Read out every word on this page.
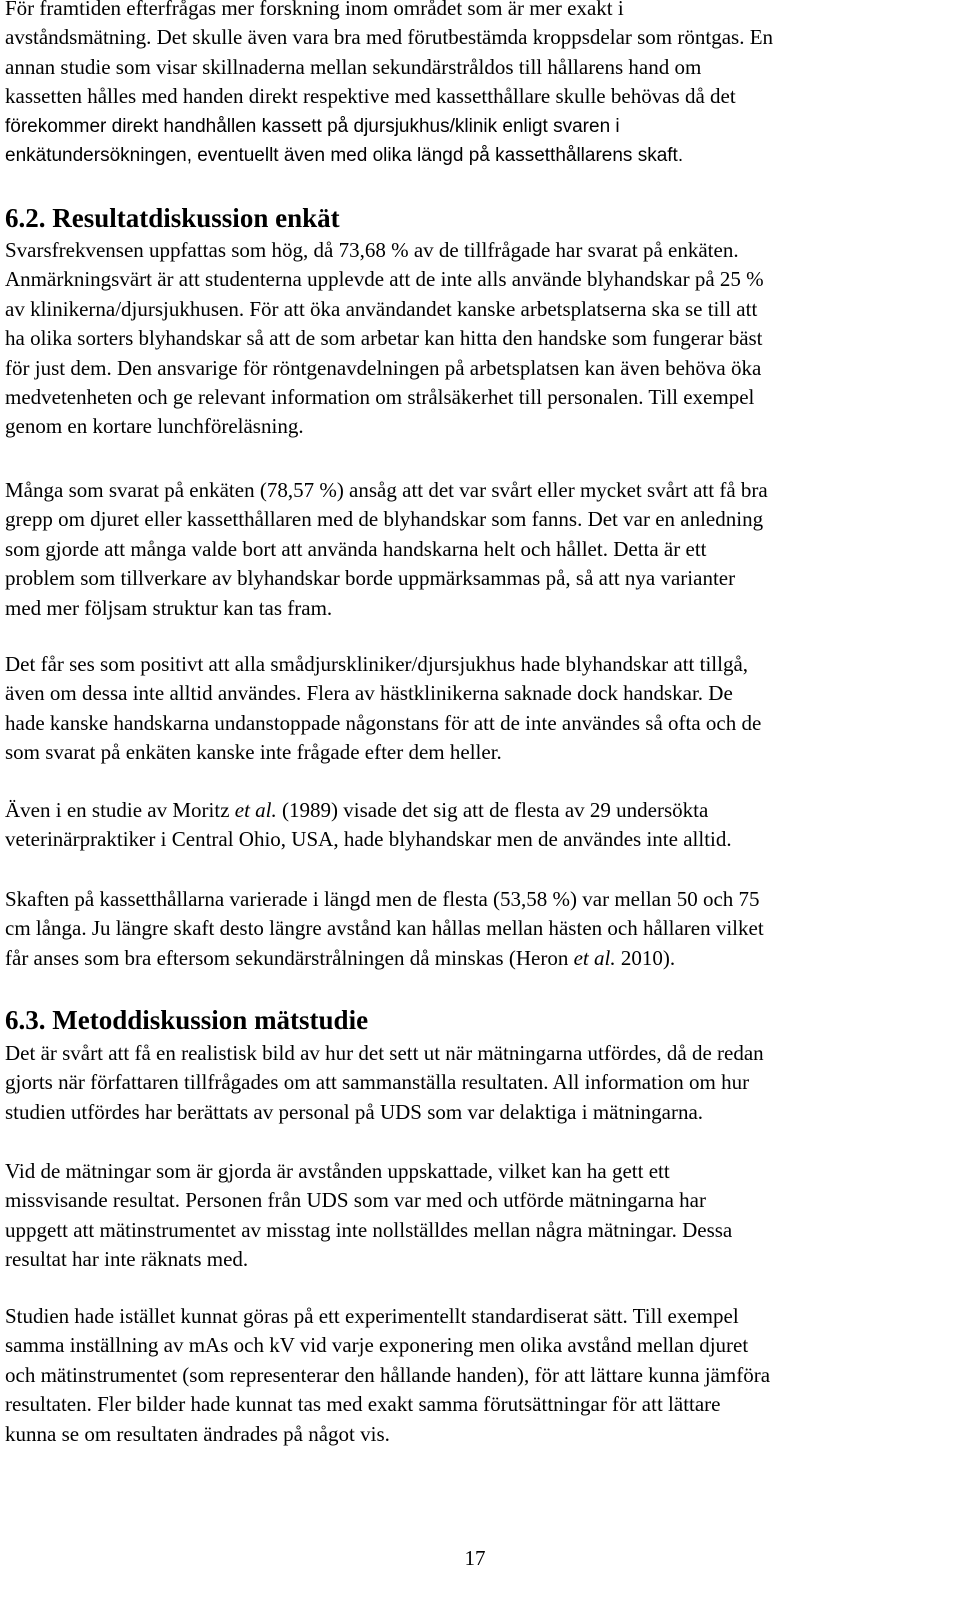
För framtiden efterfrågas mer forskning inom området som är mer exakt i
avståndsmätning. Det skulle även vara bra med förutbestämda kroppsdelar som röntgas. En
annan studie som visar skillnaderna mellan sekundärstråldos till hållarens hand om
kassetten hålles med handen direkt respektive med kassetthållare skulle behövas då det
förekommer direkt handhållen kassett på djursjukhus/klinik enligt svaren i
enkätundersökningen, eventuellt även med olika längd på kassetthållarens skaft.
6.2. Resultatdiskussion enkät
Svarsfrekvensen uppfattas som hög, då 73,68 % av de tillfrågade har svarat på enkäten.
Anmärkningsvärt är att studenterna upplevde att de inte alls använde blyhandskar på 25 %
av klinikerna/djursjukhusen. För att öka användandet kanske arbetsplatserna ska se till att
ha olika sorters blyhandskar så att de som arbetar kan hitta den handske som fungerar bäst
för just dem. Den ansvarige för röntgenavdelningen på arbetsplatsen kan även behöva öka
medvetenheten och ge relevant information om strålsäkerhet till personalen. Till exempel
genom en kortare lunchföreläsning.
Många som svarat på enkäten (78,57 %) ansåg att det var svårt eller mycket svårt att få bra
grepp om djuret eller kassetthållaren med de blyhandskar som fanns. Det var en anledning
som gjorde att många valde bort att använda handskarna helt och hållet. Detta är ett
problem som tillverkare av blyhandskar borde uppmärksammas på, så att nya varianter
med mer följsam struktur kan tas fram.
Det får ses som positivt att alla smådjurskliniker/djursjukhus hade blyhandskar att tillgå,
även om dessa inte alltid användes. Flera av hästklinikerna saknade dock handskar. De
hade kanske handskarna undanstoppade någonstans för att de inte användes så ofta och de
som svarat på enkäten kanske inte frågade efter dem heller.
Även i en studie av Moritz et al. (1989) visade det sig att de flesta av 29 undersökta
veterinärpraktiker i Central Ohio, USA, hade blyhandskar men de användes inte alltid.
Skaften på kassetthållarna varierade i längd men de flesta (53,58 %) var mellan 50 och 75
cm långa. Ju längre skaft desto längre avstånd kan hållas mellan hästen och hållaren vilket
får anses som bra eftersom sekundärstrålningen då minskas (Heron et al. 2010).
6.3. Metoddiskussion mätstudie
Det är svårt att få en realistisk bild av hur det sett ut när mätningarna utfördes, då de redan
gjorts när författaren tillfrågades om att sammanställa resultaten. All information om hur
studien utfördes har berättats av personal på UDS som var delaktiga i mätningarna.
Vid de mätningar som är gjorda är avstånden uppskattade, vilket kan ha gett ett
missvisande resultat. Personen från UDS som var med och utförde mätningarna har
uppgett att mätinstrumentet av misstag inte nollställdes mellan några mätningar. Dessa
resultat har inte räknats med.
Studien hade istället kunnat göras på ett experimentellt standardiserat sätt. Till exempel
samma inställning av mAs och kV vid varje exponering men olika avstånd mellan djuret
och mätinstrumentet (som representerar den hållande handen), för att lättare kunna jämföra
resultaten. Fler bilder hade kunnat tas med exakt samma förutsättningar för att lättare
kunna se om resultaten ändrades på något vis.
17
